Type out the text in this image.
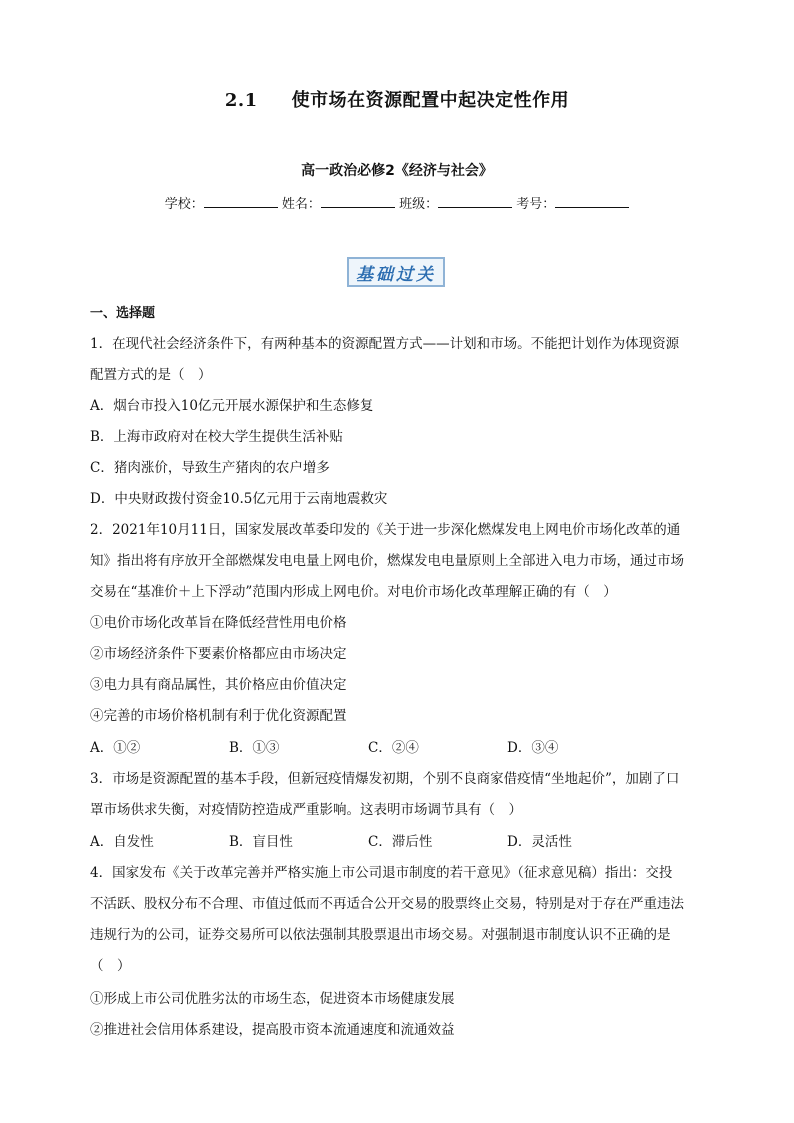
2.1 使市场在资源配置中起决定性作用
高一政治必修2《经济与社会》
学校：	姓名：	班级：	考号：
基础过关
一、选择题
1．在现代社会经济条件下，有两种基本的资源配置方式——计划和市场。不能把计划作为体现资源
配置方式的是（　）
A．烟台市投入10亿元开展水源保护和生态修复
B．上海市政府对在校大学生提供生活补贴
C．猪肉涨价，导致生产猪肉的农户增多
D．中央财政拨付资金10.5亿元用于云南地震救灾
2．2021年10月11日，国家发展改革委印发的《关于进一步深化燃煤发电上网电价市场化改革的通
知》指出将有序放开全部燃煤发电电量上网电价，燃煤发电电量原则上全部进入电力市场，通过市场
交易在“基准价＋上下浮动”范围内形成上网电价。对电价市场化改革理解正确的有（　）
①电价市场化改革旨在降低经营性用电价格
②市场经济条件下要素价格都应由市场决定
③电力具有商品属性，其价格应由价值决定
④完善的市场价格机制有利于优化资源配置
A．①②	B．①③	C．②④	D．③④
3．市场是资源配置的基本手段，但新冠疫情爆发初期，个别不良商家借疫情“坐地起价”，加剧了口
罩市场供求失衡，对疫情防控造成严重影响。这表明市场调节具有（　）
A．自发性	B．盲目性	C．滞后性	D．灵活性
4．国家发布《关于改革完善并严格实施上市公司退市制度的若干意见》（征求意见稿）指出：交投
不活跃、股权分布不合理、市值过低而不再适合公开交易的股票终止交易，特别是对于存在严重违法
违规行为的公司，证券交易所可以依法强制其股票退出市场交易。对强制退市制度认识不正确的是
（　）
①形成上市公司优胜劣汰的市场生态，促进资本市场健康发展
②推进社会信用体系建设，提高股市资本流通速度和流通效益
